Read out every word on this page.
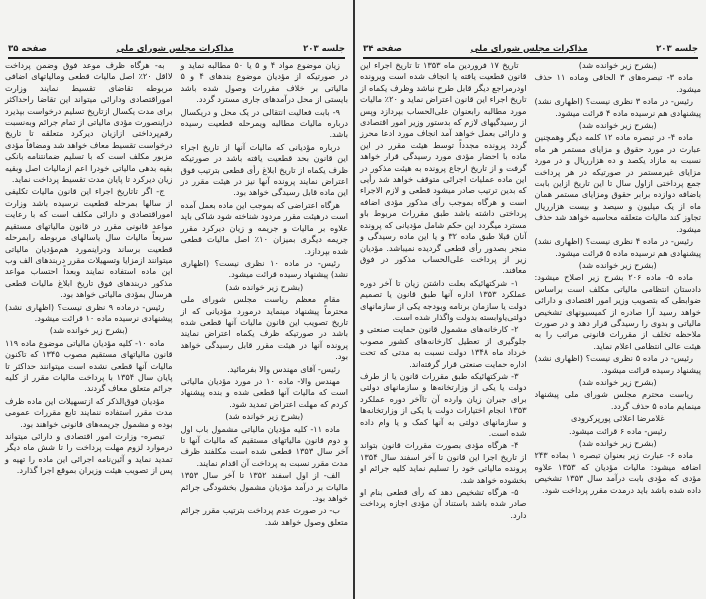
جلسه ۲۰۳
مذاکرات مجلس شورای ملی
صفحه ۳۵

زیان موضوع مواد ۴ و ۵ یا ۵۰ مطالبه نماید و در صورتیکه از مؤدیان موضوع بندهای ۴ و ۵ مالیاتی بر خلاف مقررات وصول شده باشد بایستی از محل درآمدهای جاری مسترد گردد.

۹- بابت فعالیت انتقالی در یک محل و دریکسال درباره مالیات مطالبه ویمرحله قطعیت رسیده باشد.

درباره مؤدیانی که مالیات آنها از تاریخ اجراء این قانون بحد قطعیت یافته باشد در صورتیکه ظرف یکماه از تاریخ ابلاغ رأی قطعی بترتیب فوق اعتراض نمایند پرونده آنها نیز در هیئت مقرر در این ماده قابل رسیدگی خواهد بود.

هرگاه اعتراضی که بموجب این ماده بعمل آمده است درهیئت مقرر مردود شناخته شود شاکی باید علاوه بر مالیات و جریمه و زیان دیرکرد مقرر جریمه دیگری بمیزان ۱۰٪ اصل مالیات قطعی شده بپردازد.

رئیس- در ماده ۱۰ نظری نیست؟ (اظهاری نشد) پیشنهاد رسیده قرائت میشود.

(بشرح زیر خوانده شد)

مقام معظم ریاست مجلس شورای ملی محترماً پیشنهاد مینماید درمورد مؤدیانی که از تاریخ تصویب این قانون مالیات آنها قطعی شده باشد در صورتیکه ظرف یکماه اعتراض نمایند پرونده آنها در هیئت مقرر قابل رسیدگی خواهد بود.

رئیس- آقای مهندس والا بفرمائید.

مهندس والا- ماده ۱۰ در مورد مؤدیان مالیاتی است که مالیات آنها قطعی شده و بنده پیشنهاد کردم که مهلت اعتراض تمدید شود.

(بشرح زیر خوانده شد)

ماده ۱۱- کلیه مؤدیان مالیاتی مشمول باب اول و دوم قانون مالیاتهای مستقیم که مالیات آنها تا آخر سال ۱۳۵۳ قطعی شده است مکلفند ظرف مدت مقرر نسبت به پرداخت آن اقدام نمایند.

الف- از اول اسفند ۱۳۵۲ تا آخر سال ۱۳۵۳ مالیات بر درآمد مؤدیان مشمول بخشودگی جرائم خواهد بود.

ب- در صورت عدم پرداخت بترتیب مقرر جرائم متعلق وصول خواهد شد.

به- هرگاه ظرف موعد فوق وضمن پرداخت لااقل ۲۰٪ اصل مالیات قطعی ومالیاتهای اضافی مربوطه تقاضای تقسیط نمایند وزارت اموراقتصادی ودارائی میتواند این تقاضا راحداکثر برای مدت یکسال ازتاریخ تسلیم درخواست بپذیرد دراینصورت مؤدی مالیاتی از تمام جرائم وبه‌نسبت رقم‌پرداختی ازازیان دیرکرد متعلقه تا تاریخ درخواست تقسیط معاف خواهد شد ومضافاً مؤدی مزبور مکلف است که با تسلیم ضمانتنامه بانکی بقیه بدهی مالیاتی خودرا اعم ازمالیات اصل وبقیه زیان دیرکرد تا پایان مدت تقسیط پرداخت نماید.

ج- اگر تاتاریخ اجراء این قانون مالیات تکلیفی از سالها بمرحله قطعیت نرسیده باشد وزارت اموراقتصادی و دارائی مکلف است که با رعایت مواعد قانونی مقرر در قانون مالیاتهای مستقیم سریعاً مالیات سال یاسالهای مربوطه رابمرحله قطعیت برساند ودراینمورد هم‌مؤدیان مالیاتی میتوانند ازمزایا وتسهیلات مقرر دربندهای الف وب این ماده استفاده نمایند وبعداً احتساب مواعد مذکور دربندهای فوق تاریخ ابلاغ مالیات قطعی هرسال بمؤدی مالیاتی خواهد بود.

رئیس- درماده ۹ نظری نیست؟ (اظهاری نشد) پیشنهادی نرسیده ماده ۱۰ قرائت میشود.

(بشرح زیر خوانده شد)

ماده ۱۰- کلیه مؤدیان مالیاتی موضوع ماده ۱۱۹ قانون مالیاتهای مستقیم مصوب ۱۳۴۵ که تاکنون مالیات آنها قطعی نشده است میتوانند حداکثر تا پایان سال ۱۳۵۴ با پرداخت مالیات مقرر از کلیه جرائم متعلق معاف گردند.

مؤدیان فوق‌الذکر که ازتسهیلات این ماده ظرف مدت مقرر استفاده ننمایند تابع مقررات عمومی بوده و مشمول جریمه‌های قانونی خواهند بود.

تبصره- وزارت امور اقتصادی و دارائی میتواند درموارد لزوم مهلت پرداخت را تا شش ماه دیگر تمدید نماید و آئین‌نامه اجرائی این ماده را تهیه و پس از تصویب هیئت وزیران بموقع اجرا گذارد.

جلسه ۲۰۳
مذاکرات مجلس شورای ملی
صفحه ۳۴

(بشرح زیر خوانده شد)

ماده ۳- تبصره‌های ۳ الحاقی وماده ۱۱ حذف میشود.

رئیس- در ماده ۳ نظری نیست؟ (اظهاری نشد) پیشنهادی هم نرسیده ماده ۴ قرائت میشود.

(بشرح زیر خوانده شد)

ماده ۴- در تبصره ماده ۱۲ کلمه دیگر وهمچنین عبارت در مورد حقوق و مزایای مستمر هر ماه نسبت به مازاد یکصد و ده هزارریال و در مورد مزایای غیرمستمر در صورتیکه در هر پرداخت جمع پرداختی ازاول سال تا این تاریخ ازاین بابت باضافه دوازده برابر حقوق ومزایای مستمر همان ماه از یک میلیون و سیصد و بیست هزارریال تجاوز کند مالیات متعلقه محاسبه خواهد شد حذف میشود.

رئیس- در ماده ۴ نظری نیست؟ (اظهاری نشد) پیشنهادی هم نرسیده ماده ۵ قرائت میشود.

(بشرح زیر خوانده شد)

ماده ۵- ماده ۲۰۶ بشرح زیر اصلاح میشود: دادستان انتظامی مالیاتی مکلف است براساس ضوابطی که بتصویب وزیر امور اقتصادی و دارائی خواهد رسید آرا صادره از کمیسیونهای تشخیص مالیاتی و بدوی را رسیدگی قرار دهد و در صورت ملاحظه تخلف از مقررات قانونی مراتب را به هیئت عالی انتظامی اعلام نماید.

رئیس- در ماده ۵ نظری نیست؟ (اظهاری نشد) پیشنهاد رسیده قرائت میشود.

(بشرح زیر خوانده شد)

ریاست محترم مجلس شورای ملی پیشنهاد مینمایم ماده ۵ حذف گردد.

غلامرضا اعلائی پورپرکرودی

رئیس- ماده ۶ قرائت میشود.

(بشرح زیر خوانده شد)

ماده ۶- عبارت زیر بعنوان تبصره ۱ بماده ۲۴۳ اضافه میشود: مالیات مؤدیان که ۱۳۵۳ علاوه مؤدی که مؤدی بابت درآمد سال ۱۳۵۳ تشخیص داده شده باشد باید درمدت مقرر پرداخت شود.

تاریخ ۱۷ فروردین ماه ۱۳۵۳ تا تاریخ اجراء این قانون قطعیت یافته یا انجاف شده است ویرونده اودرمراجع دیگر قابل طرح نباشد وظرف یکماه از تاریخ اجراء این قانون اعتراض نماید و ۲۰٪ مالیات مورد مطالبه رابعنوان علی‌الحساب بپردازد وپس از رسیدگیهای لازم که بدستور وزیر امور اقتصادی و دارائی بعمل خواهد آمد انجاف مورد ادعا محرز گردد پرونده مجدداً توسط هیئت مقرر در این ماده با احضار مؤدی مورد رسیدگی قرار خواهد گرفت و از تاریخ ارجاع پرونده به هیئت مذکور در این ماده عملیات اجرائی متوقف خواهد شد رأیی که بدین ترتیب صادر میشود قطعی و لازم الاجراء است و هرگاه بموجب رأی مذکور مؤدی اضافه پرداختی داشته باشد طبق مقررات مربوط باو مسترد میگردد این حکم شامل مؤدیانی که پرونده آنان قبلا طبق ماده ۳۲ و یا این ماده رسیدگی و منجر بصدور رأی قطعی گردیده نمیباشد. مؤدیان زیر از پرداخت علی‌الحساب مذکور در فوق معافند.

۱- شرکتهائیکه بعلت داشتن زیان تا آخر دوره عملکرد ۱۳۵۳ اداره آنها طبق قانون یا تصمیم دولت یا سازمان برنامه وبودجه یکی از سازمانهای دولتی‌یاوابسته بدولت واگذار شده است.

۲- کارخانه‌های مشمول قانون حمایت صنعتی و جلوگیری از تعطیل کارخانه‌های کشور مصوب خرداد ماه ۱۳۴۸ دولت نسبت به مدتی که تحت اداره حمایت صنعتی قرار گرفته‌اند.

۳- شرکتهائیکه طبق مقررات قانون یا از طرف دولت یا یکی از وزارتخانه‌ها و سازمانهای دولتی برای جبران زیان وارده آن تاآخر دوره عملکرد ۱۳۵۳ انجام اختیارات دولت یا یکی از وزارتخانه‌ها و سازمانهای دولتی به آنها کمک و یا وام داده شده است.

۴- هرگاه مؤدی بصورت مقررات قانون بتواند از تاریخ اجرا این قانون تا آخر اسفند سال ۱۳۵۴ پرونده مالیاتی خود را تسلیم نماید کلیه جرائم او بخشوده خواهد شد.

۵- هرگاه تشخیص دهد که رأی قطعی بنام او صادر شده باشد باستناد آن مؤدی اجازه پرداخت دارد.
